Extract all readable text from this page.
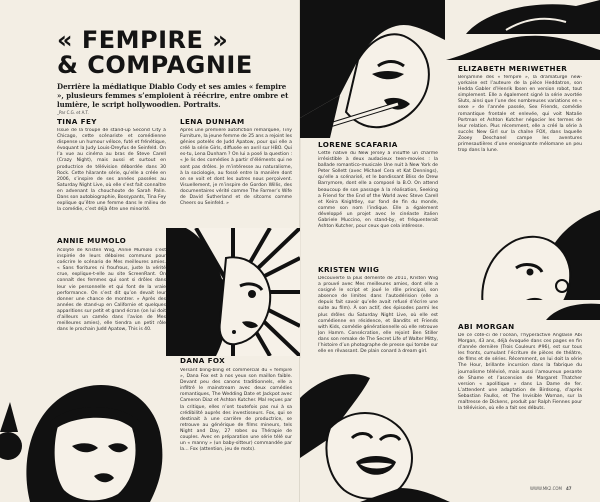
« FEMPIRE »
& COMPAGNIE
Derrière la médiatique Diablo Cody et ses amies « fempire », plusieurs femmes s’emploient à réécrire, entre ombre et lumière, le script hollywoodien. Portraits.
_Par C.G. et A.T.
TINA FEY
Issue de la troupe de stand-up Second City à Chicago, cette scénariste et comédienne dispense un humour véloce, futé et frénétique, évoquant la Judy Louis-Dreyfus de Seinfeld. On l’a vue au cinéma au bras de Steve Carell (Crazy Night), mais aussi et surtout en productrice de télévision débordée dans 30 Rock. Cette hilarante série, qu’elle a créée en 2006, s’inspire de ses années passées au Saturday Night Live, où elle s’est fait connaître en advenant la chouchoute de Sarah Palin. Dans son autobiographie, Bossypants, Tina Fey explique qu’être une femme dans le milieu de la comédie, c’est déjà être une minorité.
LENA DUNHAM
Après une première autofiction remarquée, Tiny Furniture, la jeune femme de 25 ans a rejoint les génies potelés de Judd Apatow, pour qui elle a créé la série Girls, diffusée en avril sur HBO. Qui es-tu, Lena Dunham ? On lui a posé la question : « Je lis des comédies à partir d’éléments qui ne sont pas drôles. Je m’intéresse au naturalisme, à la sociologie, au fossé entre la manière dont on se voit et dont les autres nous perçoivent. Visuellement, je m’inspire de Gordon Willis, des documentaires vérité comme The Farmer’s Wife de David Sutherland et de sitcoms comme Cheers ou Seinfeld. »
ANNIE MUMOLO
Acolyte de Kristen Wiig, Annie Mumolo s’est inspirée de leurs déboires communs pour coécrire le scénario de Mes meilleures amies. « Sans fioritures ni froufrous, juste la vérité crue, explique-t-elle au site ScreenRant. On connaît des femmes qui sont si drôles dans leur vie personnelle et qui font de la vraie performance. On s’est dit qu’on devait leur donner une chance de montrer. » Après des années de stand-up en Californie et quelques apparitions sur petit et grand écran (on lui doit d’ailleurs un caméo dans l’avion de Mes meilleures amies), elle tiendra un petit rôle dans le prochain Judd Apatow, This is 40.
DANA FOX
Versant bling-bling et commercial du « fempire », Dana Fox est à nos yeux son maillon faible. Devant peu des canons traditionnels, elle a infiltré le mainstream avec deux comédies romantiques, The Wedding Date et Jackpot avec Cameron Diaz et Ashton Kutcher. Mal reçues par la critique, elles n’ont toutefois pas nui à sa crédibilité auprès des investisseurs. Fox, qui se destinait à une carrière de productrice, se retrouve au générique de films mineurs, tels Night and Day, 27 robes ou Thérapie de couples. Avec en préparation une série télé sur un « manny » (un baby-sitteur) commandée par la… Fox (attention, jeu de mots).
LORENE SCAFARIA
Cette native du New Jersey à insufflé un charme irrésistible à deux audacieux teen-movies : la ballade romantico-musicale Une nuit à New York de Peter Sollett (avec Michael Cera et Kat Dennings), qu’elle a scénarisé, et le bondissant Bliss de Drew Barrymore, dont elle a composé la B.O. On attend beaucoup de son passage à la réalisation, Seeking a Friend for the End of the World avec Steve Carell et Keira Knightley, sur fond de fin du monde, comme son nom l’indique. Elle a également développé un projet avec le cinéaste italien Gabriele Muccino, en stand-by, et fréquenterait Ashton Kutcher, pour ceux que cela intéresse.
ELIZABETH MERIWETHER
Benjamine des « fempire », la dramaturge new-yorkaise est l’auteure de la pièce Heddatron, son Hedda Gabler d’Henrik Ibsen en version robot, tout simplement. Elle a également signé la série avortée Sluts, ainsi que l’une des nombreuses variations en « sexe » de l’année passée, Sex Friends, comédie romantique frontale et enlevée, qui voit Natalie Portman et Ashton Kutcher négocier les termes de leur relation. Plus récemment, elle a créé la série à succès New Girl sur la chaîne FOX, dans laquelle Zooey Deschanel campe les aventures primesautières d’une enseignante mélomane un peu trop dans la lune.
KRISTEN WIIG
Découverte la plus démente de 2011, Kristen Wiig a prouvé avec Mes meilleures amies, dont elle a cosigné le script et joué le rôle principal, son absence de limites dans l’autodérision (elle a depuis fait savoir qu’elle avait refusé d’écrire une suite au film). À son actif, des épisodes parmi les plus drôles du Saturday Night Live, où elle est comédienne en résidence, et Bandits et Friends with Kids, comédie générationnelle où elle retrouve Jon Hamm. Consécration, elle rejoint Ben Stiller dans son remake de The Secret Life of Walter Mitty, l’histoire d’un photographe de presse qui tombe sur elle en rêvassant. De plain conard à dream girl.
ABI MORGAN
De ce côté-ci de l’océan, l’hyperactive Anglaise Abi Morgan, 43 ans, déjà évoquée dans ces pages en fin d’année dernière (Trois Couleurs #96), est sur tous les fronts, cumulant l’écriture de pièces de théâtre, de films et de séries. Récemment, on lui doit la série The Hour, brillante incursion dans la fabrique du journalisme télévisé, mais aussi l’amoureux pesante de Shame et l’ascension de Margaret Thatcher version « apolitique » dans La Dame de fer. L’attendent une adaptation de Birdsong, d’après Sebastian Faulks, et The Invisible Woman, sur la maîtresse de Dickens, produit par Ralph Fiennes pour la télévision, où elle a fait ses débuts.
WWW.MK2.COM 47
